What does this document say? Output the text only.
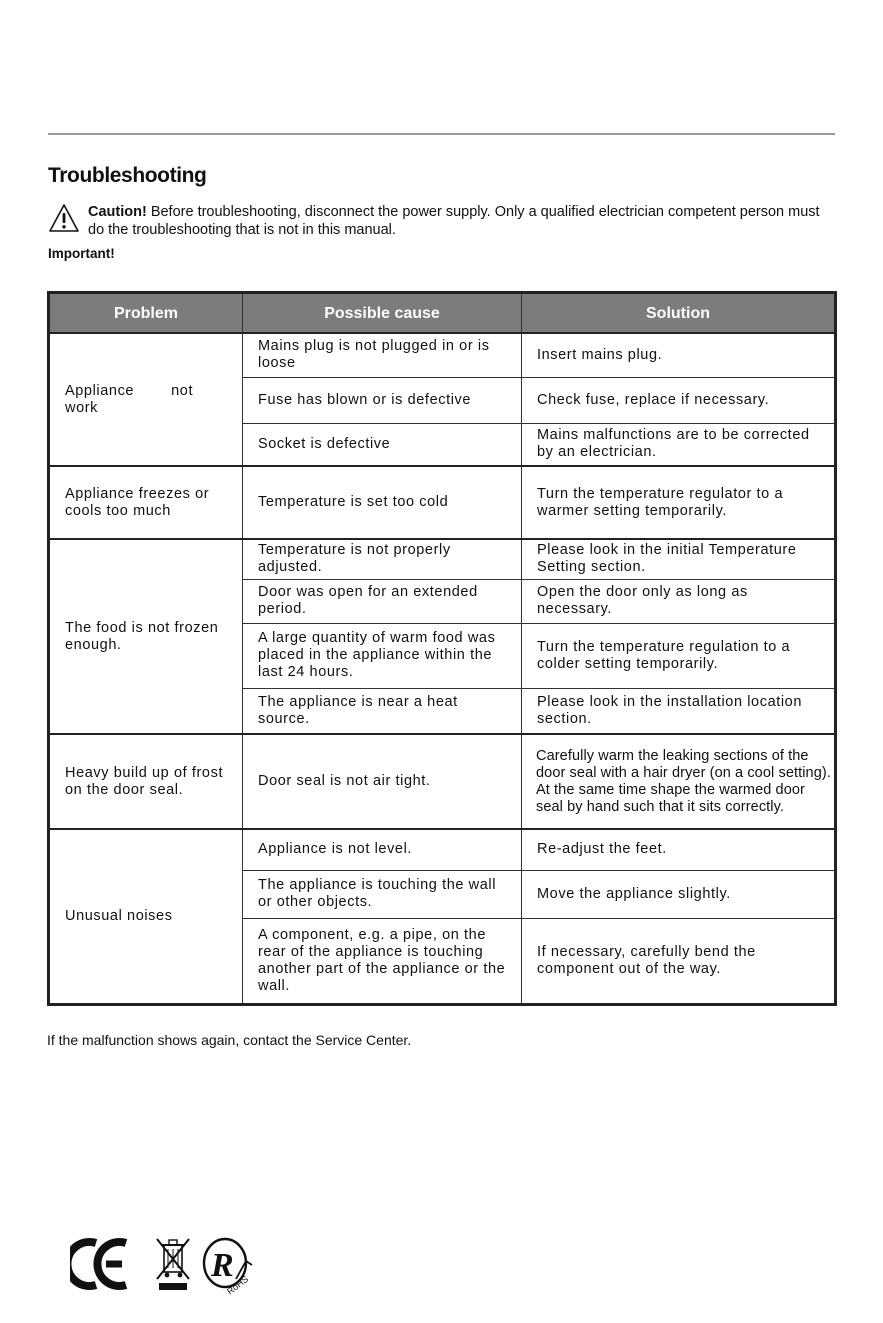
Troubleshooting
Caution! Before troubleshooting, disconnect the power supply. Only a qualified electrician competent person must do the troubleshooting that is not in this manual.
Important!
Problem	Possible cause	Solution
Appliance        not work	Mains plug is not plugged in or is loose	Insert mains plug.
	Fuse has blown or is defective	Check fuse, replace if necessary.
	Socket is defective	Mains malfunctions are to be corrected by an electrician.
Appliance freezes or cools too much	Temperature is set too cold	Turn the temperature regulator to a warmer setting temporarily.
The food is not frozen enough.	Temperature is not properly adjusted.	Please look in the initial Temperature Setting section.
	Door was open for an extended period.	Open the door only as long as necessary.
	A large quantity of warm food was placed in the appliance within the last 24 hours.	Turn the temperature regulation to a colder setting temporarily.
	The appliance is near a heat source.	Please look in the installation location section.
Heavy build up of frost on the door seal.	Door seal is not air tight.	Carefully warm the leaking sections of the door seal with a hair dryer (on a cool setting). At the same time shape the warmed door seal by hand such that it sits correctly.
Unusual noises	Appliance is not level.	Re-adjust the feet.
	The appliance is touching the wall or other objects.	Move the appliance slightly.
	A component, e.g. a pipe, on the rear of the appliance is touching another part of the appliance or the wall.	If necessary, carefully bend the component out of the way.
If the malfunction shows again, contact the Service Center.
R
RoHS
